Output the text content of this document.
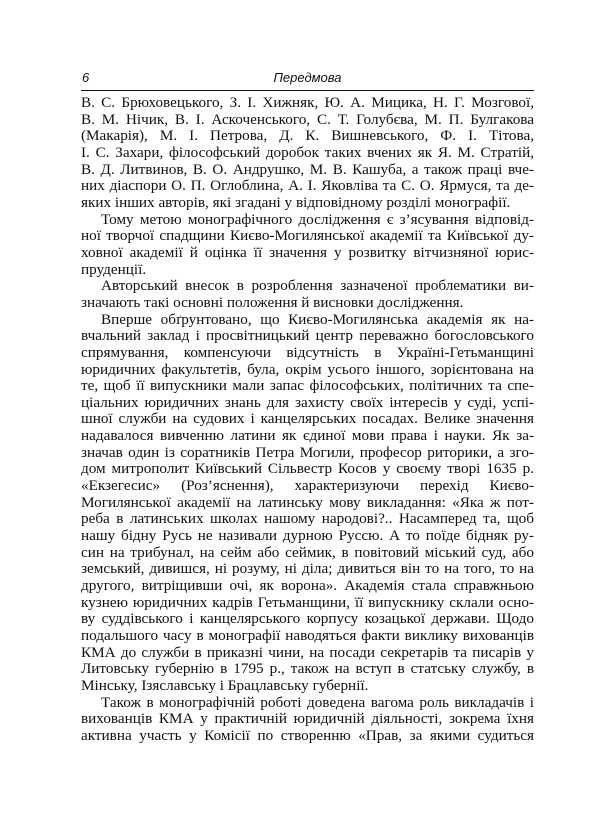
6	Передмова
В. С. Брюховецького, З. І. Хижняк, Ю. А. Мицика, Н. Г. Мозгової,
В. М. Нічик, В. І. Аскоченського, С. Т. Голубєва, М. П. Булгакова
(Макарія), М. І. Петрова, Д. К. Вишневського, Ф. І. Тітова,
І. С. Захари, філософський доробок таких вчених як Я. М. Стратій,
В. Д. Литвинов, В. О. Андрушко, М. В. Кашуба, а також праці вче-
них діаспори О. П. Оглоблина, А. І. Яковліва та С. О. Ярмуся, та де-
яких інших авторів, які згадані у відповідному розділі монографії.
Тому метою монографічного дослідження є з’ясування відповід-
ної творчої спадщини Києво-Могилянської академії та Київської ду-
ховної академії й оцінка її значення у розвитку вітчизняної юрис-
пруденції.
Авторський внесок в розроблення зазначеної проблематики ви-
значають такі основні положення й висновки дослідження.
Вперше обґрунтовано, що Києво-Могилянська академія як на-
вчальний заклад і просвітницький центр переважно богословського
спрямування, компенсуючи відсутність в Україні-Гетьманщині
юридичних факультетів, була, окрім усього іншого, зорієнтована на
те, щоб її випускники мали запас філософських, політичних та спе-
ціальних юридичних знань для захисту своїх інтересів у суді, успі-
шної служби на судових і канцелярських посадах. Велике значення
надавалося вивченню латини як єдиної мови права і науки. Як за-
значав один із соратників Петра Могили, професор риторики, а зго-
дом митрополит Київський Сільвестр Косов у своєму творі 1635 р.
«Екзегесис» (Роз’яснення), характеризуючи перехід Києво-
Могилянської академії на латинську мову викладання: «Яка ж пот-
реба в латинських школах нашому народові?.. Насамперед та, щоб
нашу бідну Русь не називали дурною Руссю. А то поїде бідняк ру-
син на трибунал, на сейм або сеймик, в повітовий міський суд, або
земський, дивишся, ні розуму, ні діла; дивиться він то на того, то на
другого, витріщивши очі, як ворона». Академія стала справжньою
кузнею юридичних кадрів Гетьманщини, її випускнику склали осно-
ву суддівського і канцелярського корпусу козацької держави. Щодо
подальшого часу в монографії наводяться факти виклику вихованців
КМА до служби в приказні чини, на посади секретарів та писарів у
Литовську губернію в 1795 р., також на вступ в статську службу, в
Мінську, Ізяславську і Брацлавську губернії.
Також в монографічній роботі доведена вагома роль викладачів і
вихованців КМА у практичній юридичній діяльності, зокрема їхня
активна участь у Комісії по створенню «Прав, за якими судиться
